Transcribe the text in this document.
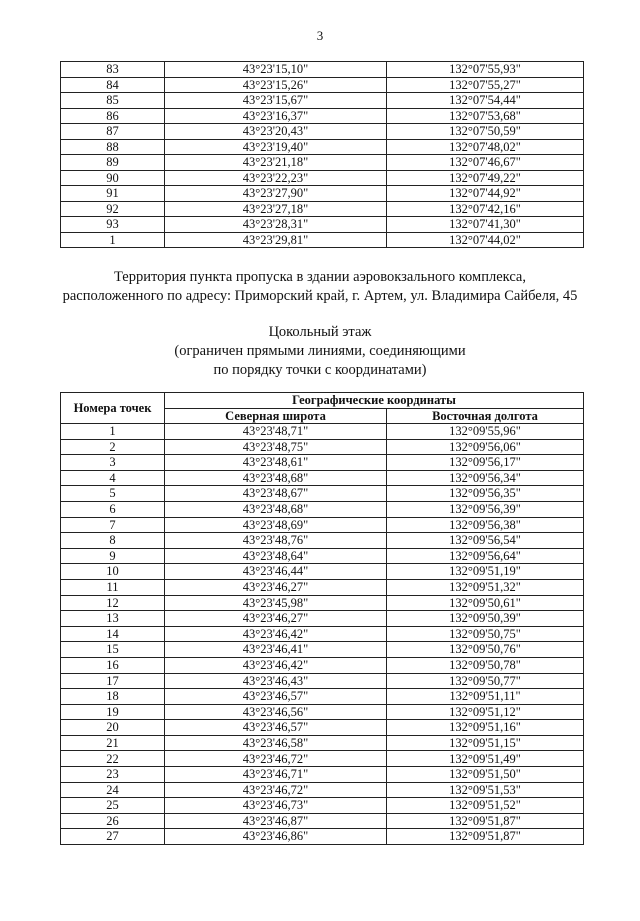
3
83	43°23'15,10"	132°07'55,93"
84	43°23'15,26"	132°07'55,27"
85	43°23'15,67"	132°07'54,44"
86	43°23'16,37"	132°07'53,68"
87	43°23'20,43"	132°07'50,59"
88	43°23'19,40"	132°07'48,02"
89	43°23'21,18"	132°07'46,67"
90	43°23'22,23"	132°07'49,22"
91	43°23'27,90"	132°07'44,92"
92	43°23'27,18"	132°07'42,16"
93	43°23'28,31"	132°07'41,30"
1	43°23'29,81"	132°07'44,02"
Территория пункта пропуска в здании аэровокзального комплекса,
расположенного по адресу: Приморский край, г. Артем, ул. Владимира Сайбеля, 45
Цокольный этаж
(ограничен прямыми линиями, соединяющими
по порядку точки с координатами)
Номера точек	Географические координаты	
	Северная широта	Восточная долгота
1	43°23'48,71"	132°09'55,96"
2	43°23'48,75"	132°09'56,06"
3	43°23'48,61"	132°09'56,17"
4	43°23'48,68"	132°09'56,34"
5	43°23'48,67"	132°09'56,35"
6	43°23'48,68"	132°09'56,39"
7	43°23'48,69"	132°09'56,38"
8	43°23'48,76"	132°09'56,54"
9	43°23'48,64"	132°09'56,64"
10	43°23'46,44"	132°09'51,19"
11	43°23'46,27"	132°09'51,32"
12	43°23'45,98"	132°09'50,61"
13	43°23'46,27"	132°09'50,39"
14	43°23'46,42"	132°09'50,75"
15	43°23'46,41"	132°09'50,76"
16	43°23'46,42"	132°09'50,78"
17	43°23'46,43"	132°09'50,77"
18	43°23'46,57"	132°09'51,11"
19	43°23'46,56"	132°09'51,12"
20	43°23'46,57"	132°09'51,16"
21	43°23'46,58"	132°09'51,15"
22	43°23'46,72"	132°09'51,49"
23	43°23'46,71"	132°09'51,50"
24	43°23'46,72"	132°09'51,53"
25	43°23'46,73"	132°09'51,52"
26	43°23'46,87"	132°09'51,87"
27	43°23'46,86"	132°09'51,87"
